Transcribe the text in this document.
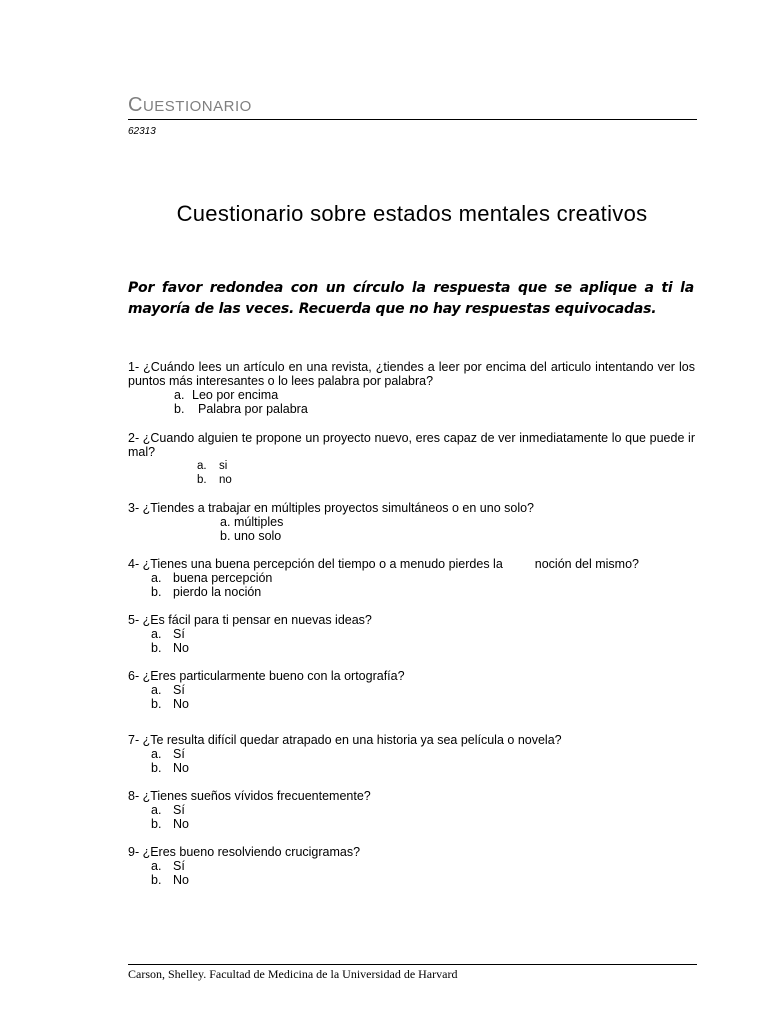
CUESTIONARIO
62313
Cuestionario sobre estados mentales creativos
Por favor redondea con un círculo la respuesta que se aplique a ti la mayoría de las veces. Recuerda que no hay respuestas equivocadas.
1- ¿Cuándo lees un artículo en una revista, ¿tiendes a leer por encima del articulo intentando ver los puntos más interesantes o lo lees palabra por palabra?
a. Leo por encima
b. Palabra por palabra
2- ¿Cuando alguien te propone un proyecto nuevo, eres capaz de ver inmediatamente lo que puede ir mal?
a. si
b. no
3- ¿Tiendes a trabajar en múltiples proyectos simultáneos o en uno solo?
a. múltiples
b. uno solo
4- ¿Tienes una buena percepción del tiempo o a menudo pierdes la	noción del mismo?
a. buena percepción
b. pierdo la noción
5- ¿Es fácil para ti pensar en nuevas ideas?
a. Sí
b. No
6- ¿Eres particularmente bueno con la ortografía?
a. Sí
b. No
7- ¿Te resulta difícil quedar atrapado en una historia ya sea película o novela?
a. Sí
b. No
8- ¿Tienes sueños vívidos frecuentemente?
a. Sí
b. No
9- ¿Eres bueno resolviendo crucigramas?
a. Sí
b. No
Carson, Shelley. Facultad de Medicina de la Universidad de Harvard
